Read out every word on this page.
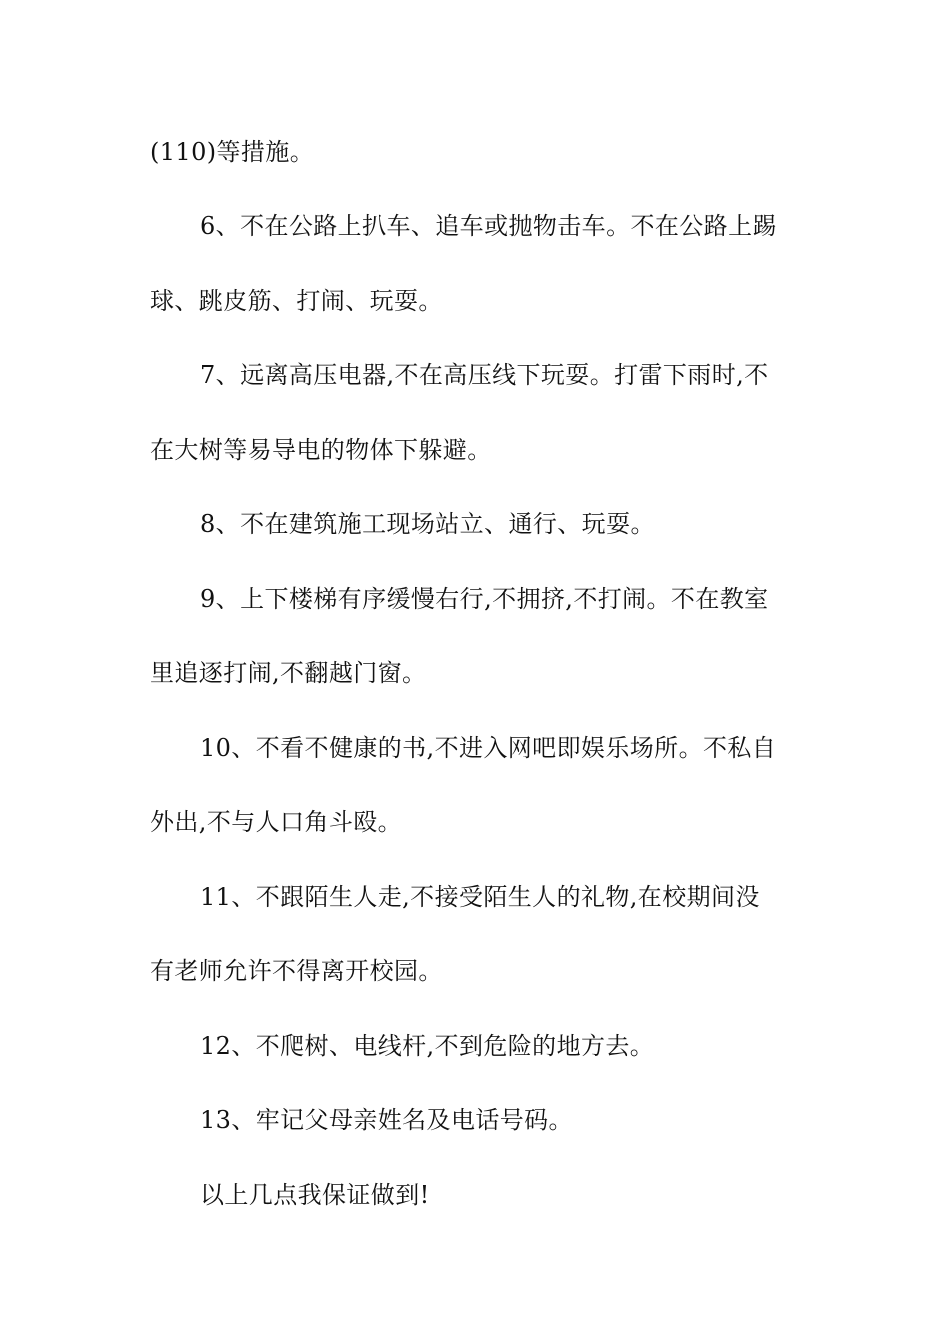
(110)等措施。
6、不在公路上扒车、追车或抛物击车。不在公路上踢
球、跳皮筋、打闹、玩耍。
7、远离高压电器,不在高压线下玩耍。打雷下雨时,不
在大树等易导电的物体下躲避。
8、不在建筑施工现场站立、通行、玩耍。
9、上下楼梯有序缓慢右行,不拥挤,不打闹。不在教室
里追逐打闹,不翻越门窗。
10、不看不健康的书,不进入网吧即娱乐场所。不私自
外出,不与人口角斗殴。
11、不跟陌生人走,不接受陌生人的礼物,在校期间没
有老师允许不得离开校园。
12、不爬树、电线杆,不到危险的地方去。
13、牢记父母亲姓名及电话号码。
以上几点我保证做到!
